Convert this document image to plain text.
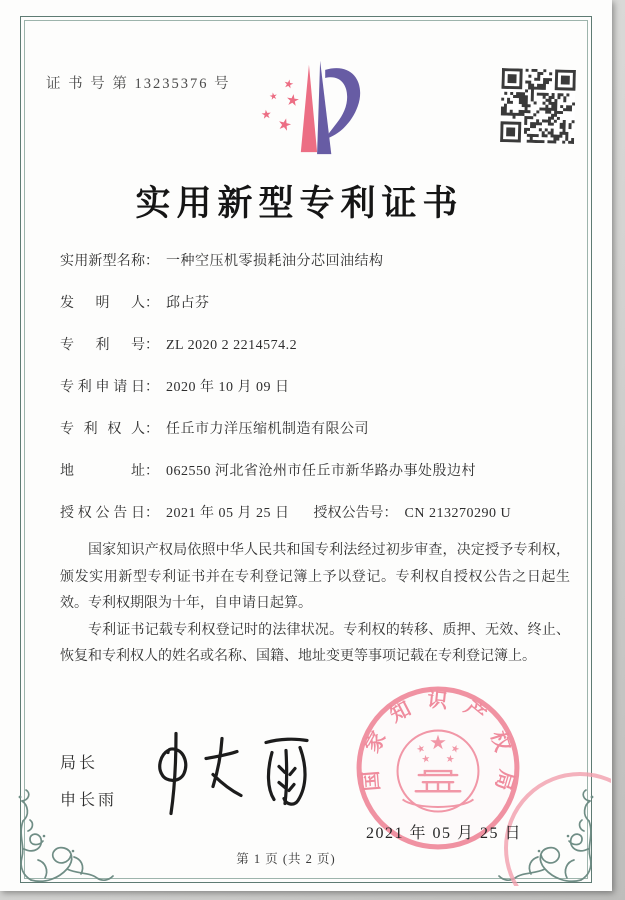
证 书 号 第 13235376 号
实用新型专利证书
实用新型名称： 一种空压机零损耗油分芯回油结构
发明人： 邱占芬
专利号： ZL 2020 2 2214574.2
专利申请日： 2020 年 10 月 09 日
专利权人： 任丘市力洋压缩机制造有限公司
地址： 062550 河北省沧州市任丘市新华路办事处殷边村
授权公告日： 2021 年 05 月 25 日 授权公告号： CN 213270290 U

国家知识产权局依照中华人民共和国专利法经过初步审查，决定授予专利权，颁发实用新型专利证书并在专利登记簿上予以登记。专利权自授权公告之日起生效。专利权期限为十年，自申请日起算。

专利证书记载专利权登记时的法律状况。专利权的转移、质押、无效、终止、恢复和专利权人的姓名或名称、国籍、地址变更等事项记载在专利登记簿上。

局长
申长雨
国家知识产权局
2021 年 05 月 25 日
第 1 页 (共 2 页)
